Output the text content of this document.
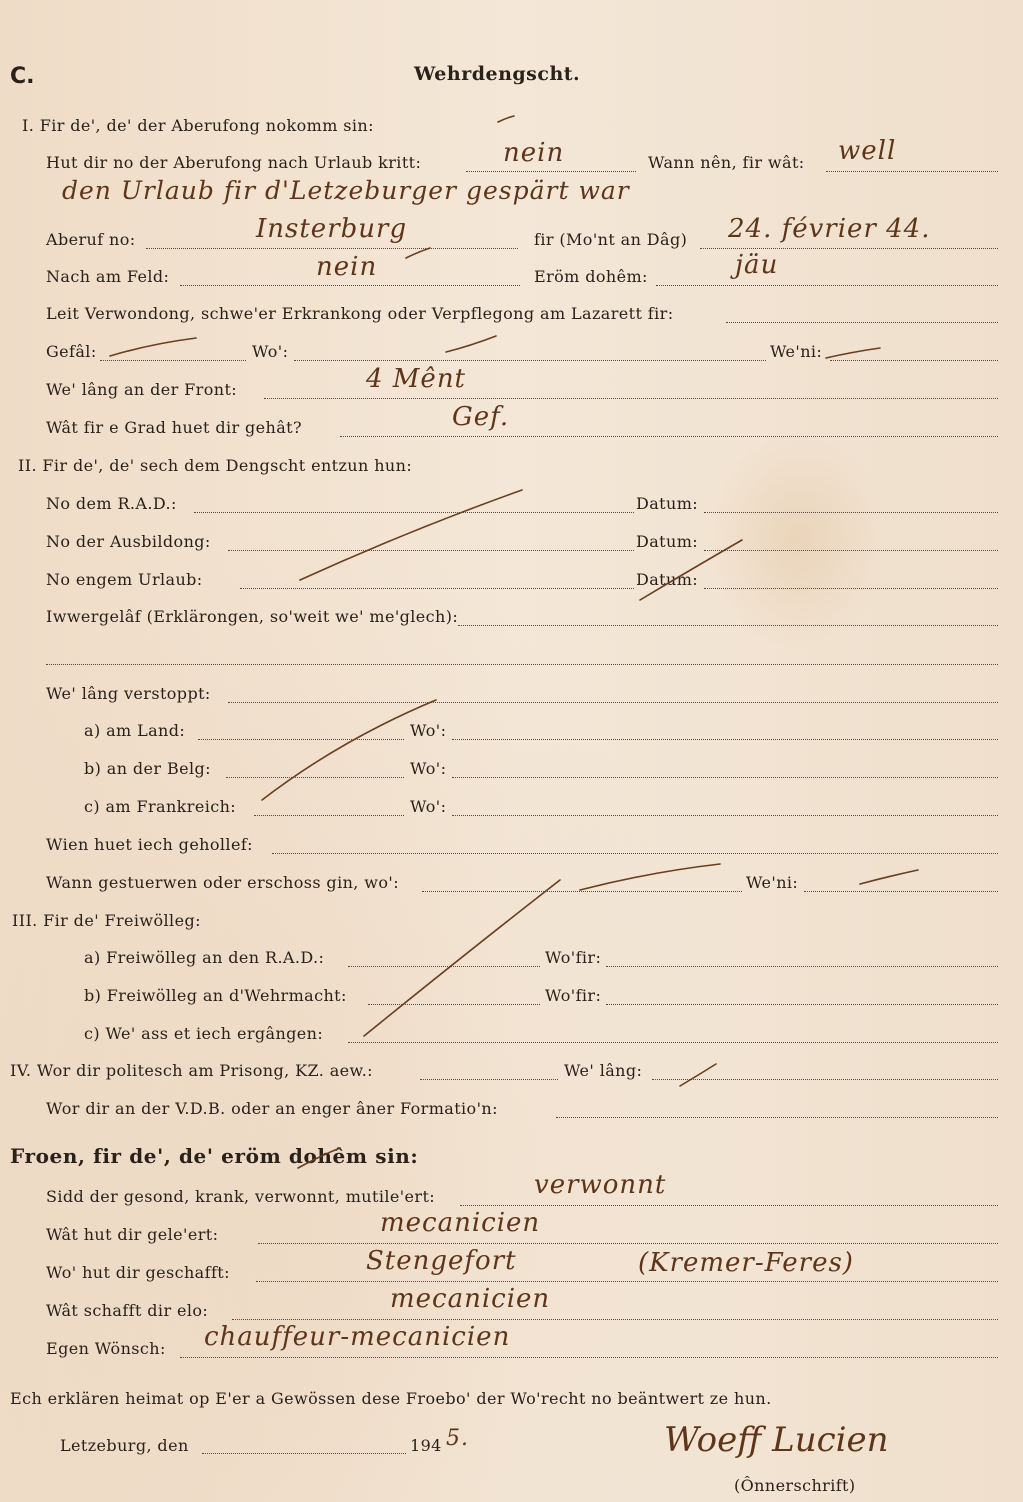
C.	Wehrdengscht.
I. Fir de', de' der Aberufong nokomm sin:
Hut dir no der Aberufong nach Urlaub kritt:	nein	Wann nên, fir wât: well
den Urlaub fir d'Letzeburger gespärt war
Aberuf no:	Insterburg	fir (Mo'nt an Dâg) 24. février 44.
Nach am Feld:	nein	Eröm dohêm:	jäu
Leit Verwondong, schwe'er Erkrankong oder Verpflegong am Lazarett fir:
Gefâl:	Wo':	We'ni:
We' lâng an der Front:	4 Mênt
Wât fir e Grad huet dir gehât?	Gef.
II. Fir de', de' sech dem Dengscht entzun hun:
No dem R.A.D.:	Datum:
No der Ausbildong:	Datum:
No engem Urlaub:	Datum:
Iwwergelâf (Erklärongen, so'weit we' me'glech):
We' lâng verstoppt:
a) am Land:	Wo':
b) an der Belg:	Wo':
c) am Frankreich:	Wo':
Wien huet iech gehollef:
Wann gestuerwen oder erschoss gin, wo':	We'ni:
III. Fir de' Freiwölleg:
a) Freiwölleg an den R.A.D.:	Wo'fir:
b) Freiwölleg an d'Wehrmacht:	Wo'fir:
c) We' ass et iech ergângen:
IV. Wor dir politesch am Prisong, KZ. aew.:	We' lâng:
Wor dir an der V.D.B. oder an enger âner Formatio'n:
Froen, fir de', de' eröm dohêm sin:
Sidd der gesond, krank, verwonnt, mutile'ert:	verwonnt
Wât hut dir gele'ert:	mecanicien
Wo' hut dir geschafft:	Stengefort	(Kremer-Feres)
Wât schafft dir elo:	mecanicien
Egen Wönsch: chauffeur-mecanicien
Ech erklären heimat op E'er a Gewössen dese Froebo' der Wo'recht no beäntwert ze hun.
Letzeburg, den	194 5.	Woeff Lucien
(Ônnerschrift)
